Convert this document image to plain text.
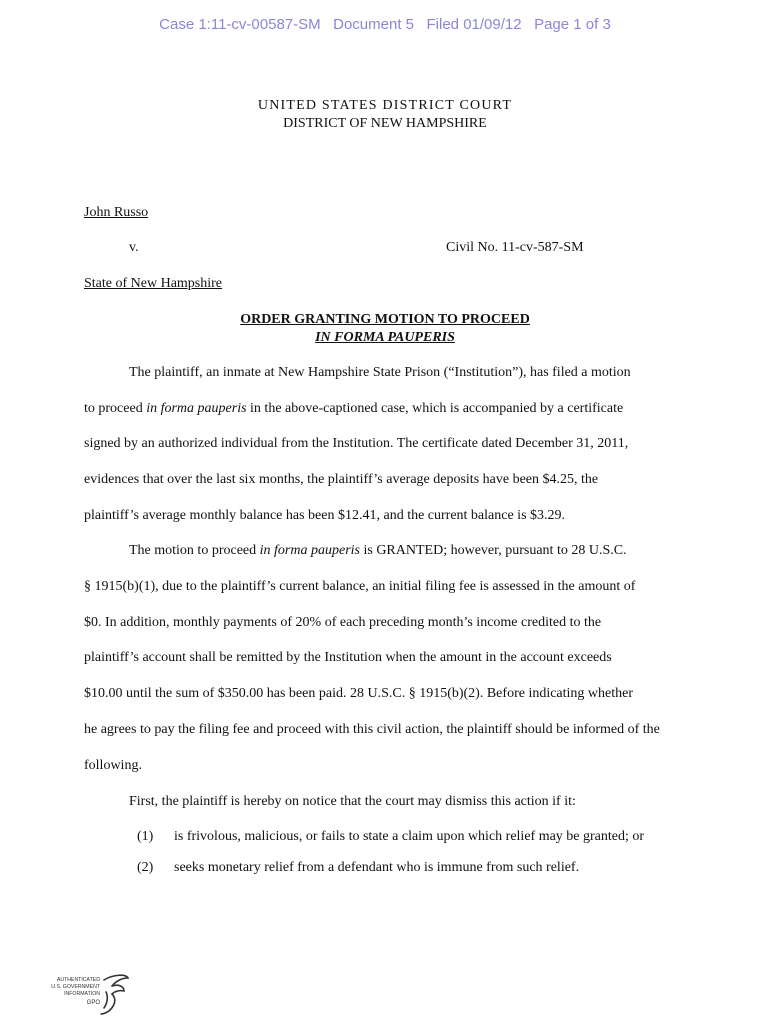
Case 1:11-cv-00587-SM   Document 5   Filed 01/09/12   Page 1 of 3
UNITED STATES DISTRICT COURT
DISTRICT OF NEW HAMPSHIRE
John Russo
v.	Civil No. 11-cv-587-SM
State of New Hampshire
ORDER GRANTING MOTION TO PROCEED
IN FORMA PAUPERIS
The plaintiff, an inmate at New Hampshire State Prison (“Institution”), has filed a motion
to proceed in forma pauperis in the above-captioned case, which is accompanied by a certificate
signed by an authorized individual from the Institution. The certificate dated December 31, 2011,
evidences that over the last six months, the plaintiff’s average deposits have been $4.25, the
plaintiff’s average monthly balance has been $12.41, and the current balance is $3.29.
The motion to proceed in forma pauperis is GRANTED; however, pursuant to 28 U.S.C.
§ 1915(b)(1), due to the plaintiff’s current balance, an initial filing fee is assessed in the amount of
$0. In addition, monthly payments of 20% of each preceding month’s income credited to the
plaintiff’s account shall be remitted by the Institution when the amount in the account exceeds
$10.00 until the sum of $350.00 has been paid. 28 U.S.C. § 1915(b)(2). Before indicating whether
he agrees to pay the filing fee and proceed with this civil action, the plaintiff should be informed of the
following.
First, the plaintiff is hereby on notice that the court may dismiss this action if it:
(1) is frivolous, malicious, or fails to state a claim upon which relief may be granted; or
(2) seeks monetary relief from a defendant who is immune from such relief.
AUTHENTICATED
U.S. GOVERNMENT
INFORMATION
GPO
